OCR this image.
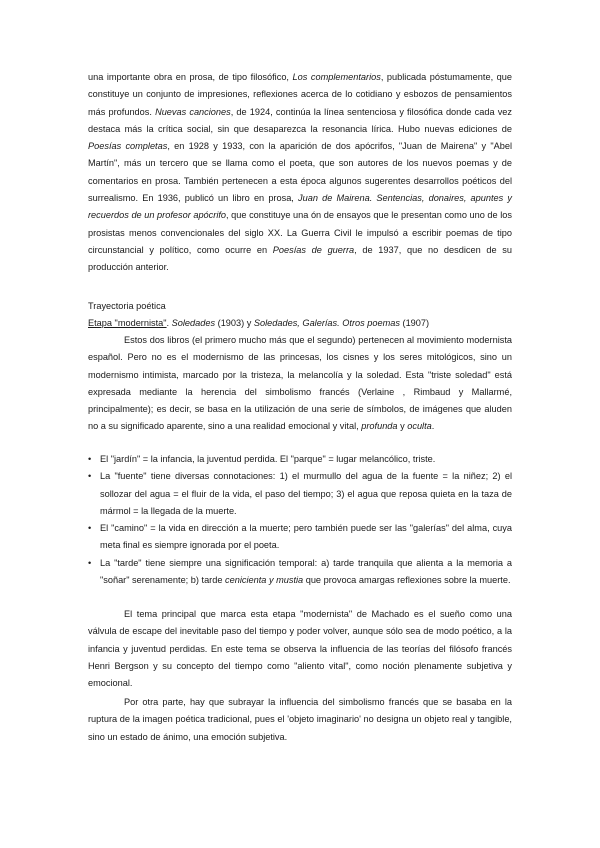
una importante obra en prosa, de tipo filosófico, Los complementarios, publicada póstumamente, que constituye un conjunto de impresiones, reflexiones acerca de lo cotidiano y esbozos de pensamientos más profundos. Nuevas canciones, de 1924, continúa la línea sentenciosa y filosófica donde cada vez destaca más la crítica social, sin que desaparezca la resonancia lírica. Hubo nuevas ediciones de Poesías completas, en 1928 y 1933, con la aparición de dos apócrifos, "Juan de Mairena" y "Abel Martín", más un tercero que se llama como el poeta, que son autores de los nuevos poemas y de comentarios en prosa. También pertenecen a esta época algunos sugerentes desarrollos poéticos del surrealismo. En 1936, publicó un libro en prosa, Juan de Mairena. Sentencias, donaires, apuntes y recuerdos de un profesor apócrifo, que constituye una ón de ensayos que le presentan como uno de los prosistas menos convencionales del siglo XX. La Guerra Civil le impulsó a escribir poemas de tipo circunstancial y político, como ocurre en Poesías de guerra, de 1937, que no desdicen de su producción anterior.

Trayectoria poética

Etapa "modernista". Soledades (1903) y Soledades, Galerías. Otros poemas (1907)

Estos dos libros (el primero mucho más que el segundo) pertenecen al movimiento modernista español. Pero no es el modernismo de las princesas, los cisnes y los seres mitológicos, sino un modernismo intimista, marcado por la tristeza, la melancolía y la soledad. Esta "triste soledad" está expresada mediante la herencia del simbolismo francés (Verlaine , Rimbaud y Mallarmé, principalmente); es decir, se basa en la utilización de una serie de símbolos, de imágenes que aluden no a su significado aparente, sino a una realidad emocional y vital, profunda y oculta.

• El "jardín" = la infancia, la juventud perdida. El "parque" = lugar melancólico, triste.
• La "fuente" tiene diversas connotaciones: 1) el murmullo del agua de la fuente = la niñez; 2) el sollozar del agua = el fluir de la vida, el paso del tiempo; 3) el agua que reposa quieta en la taza de mármol = la llegada de la muerte.
• El "camino" = la vida en dirección a la muerte; pero también puede ser las "galerías" del alma, cuya meta final es siempre ignorada por el poeta.
• La "tarde" tiene siempre una significación temporal: a) tarde tranquila que alienta a la memoria a "soñar" serenamente; b) tarde cenicienta y mustia que provoca amargas reflexiones sobre la muerte.

El tema principal que marca esta etapa "modernista" de Machado es el sueño como una válvula de escape del inevitable paso del tiempo y poder volver, aunque sólo sea de modo poético, a la infancia y juventud perdidas. En este tema se observa la influencia de las teorías del filósofo francés Henri Bergson y su concepto del tiempo como "aliento vital", como noción plenamente subjetiva y emocional.

Por otra parte, hay que subrayar la influencia del simbolismo francés que se basaba en la ruptura de la imagen poética tradicional, pues el 'objeto imaginario' no designa un objeto real y tangible, sino un estado de ánimo, una emoción subjetiva.
